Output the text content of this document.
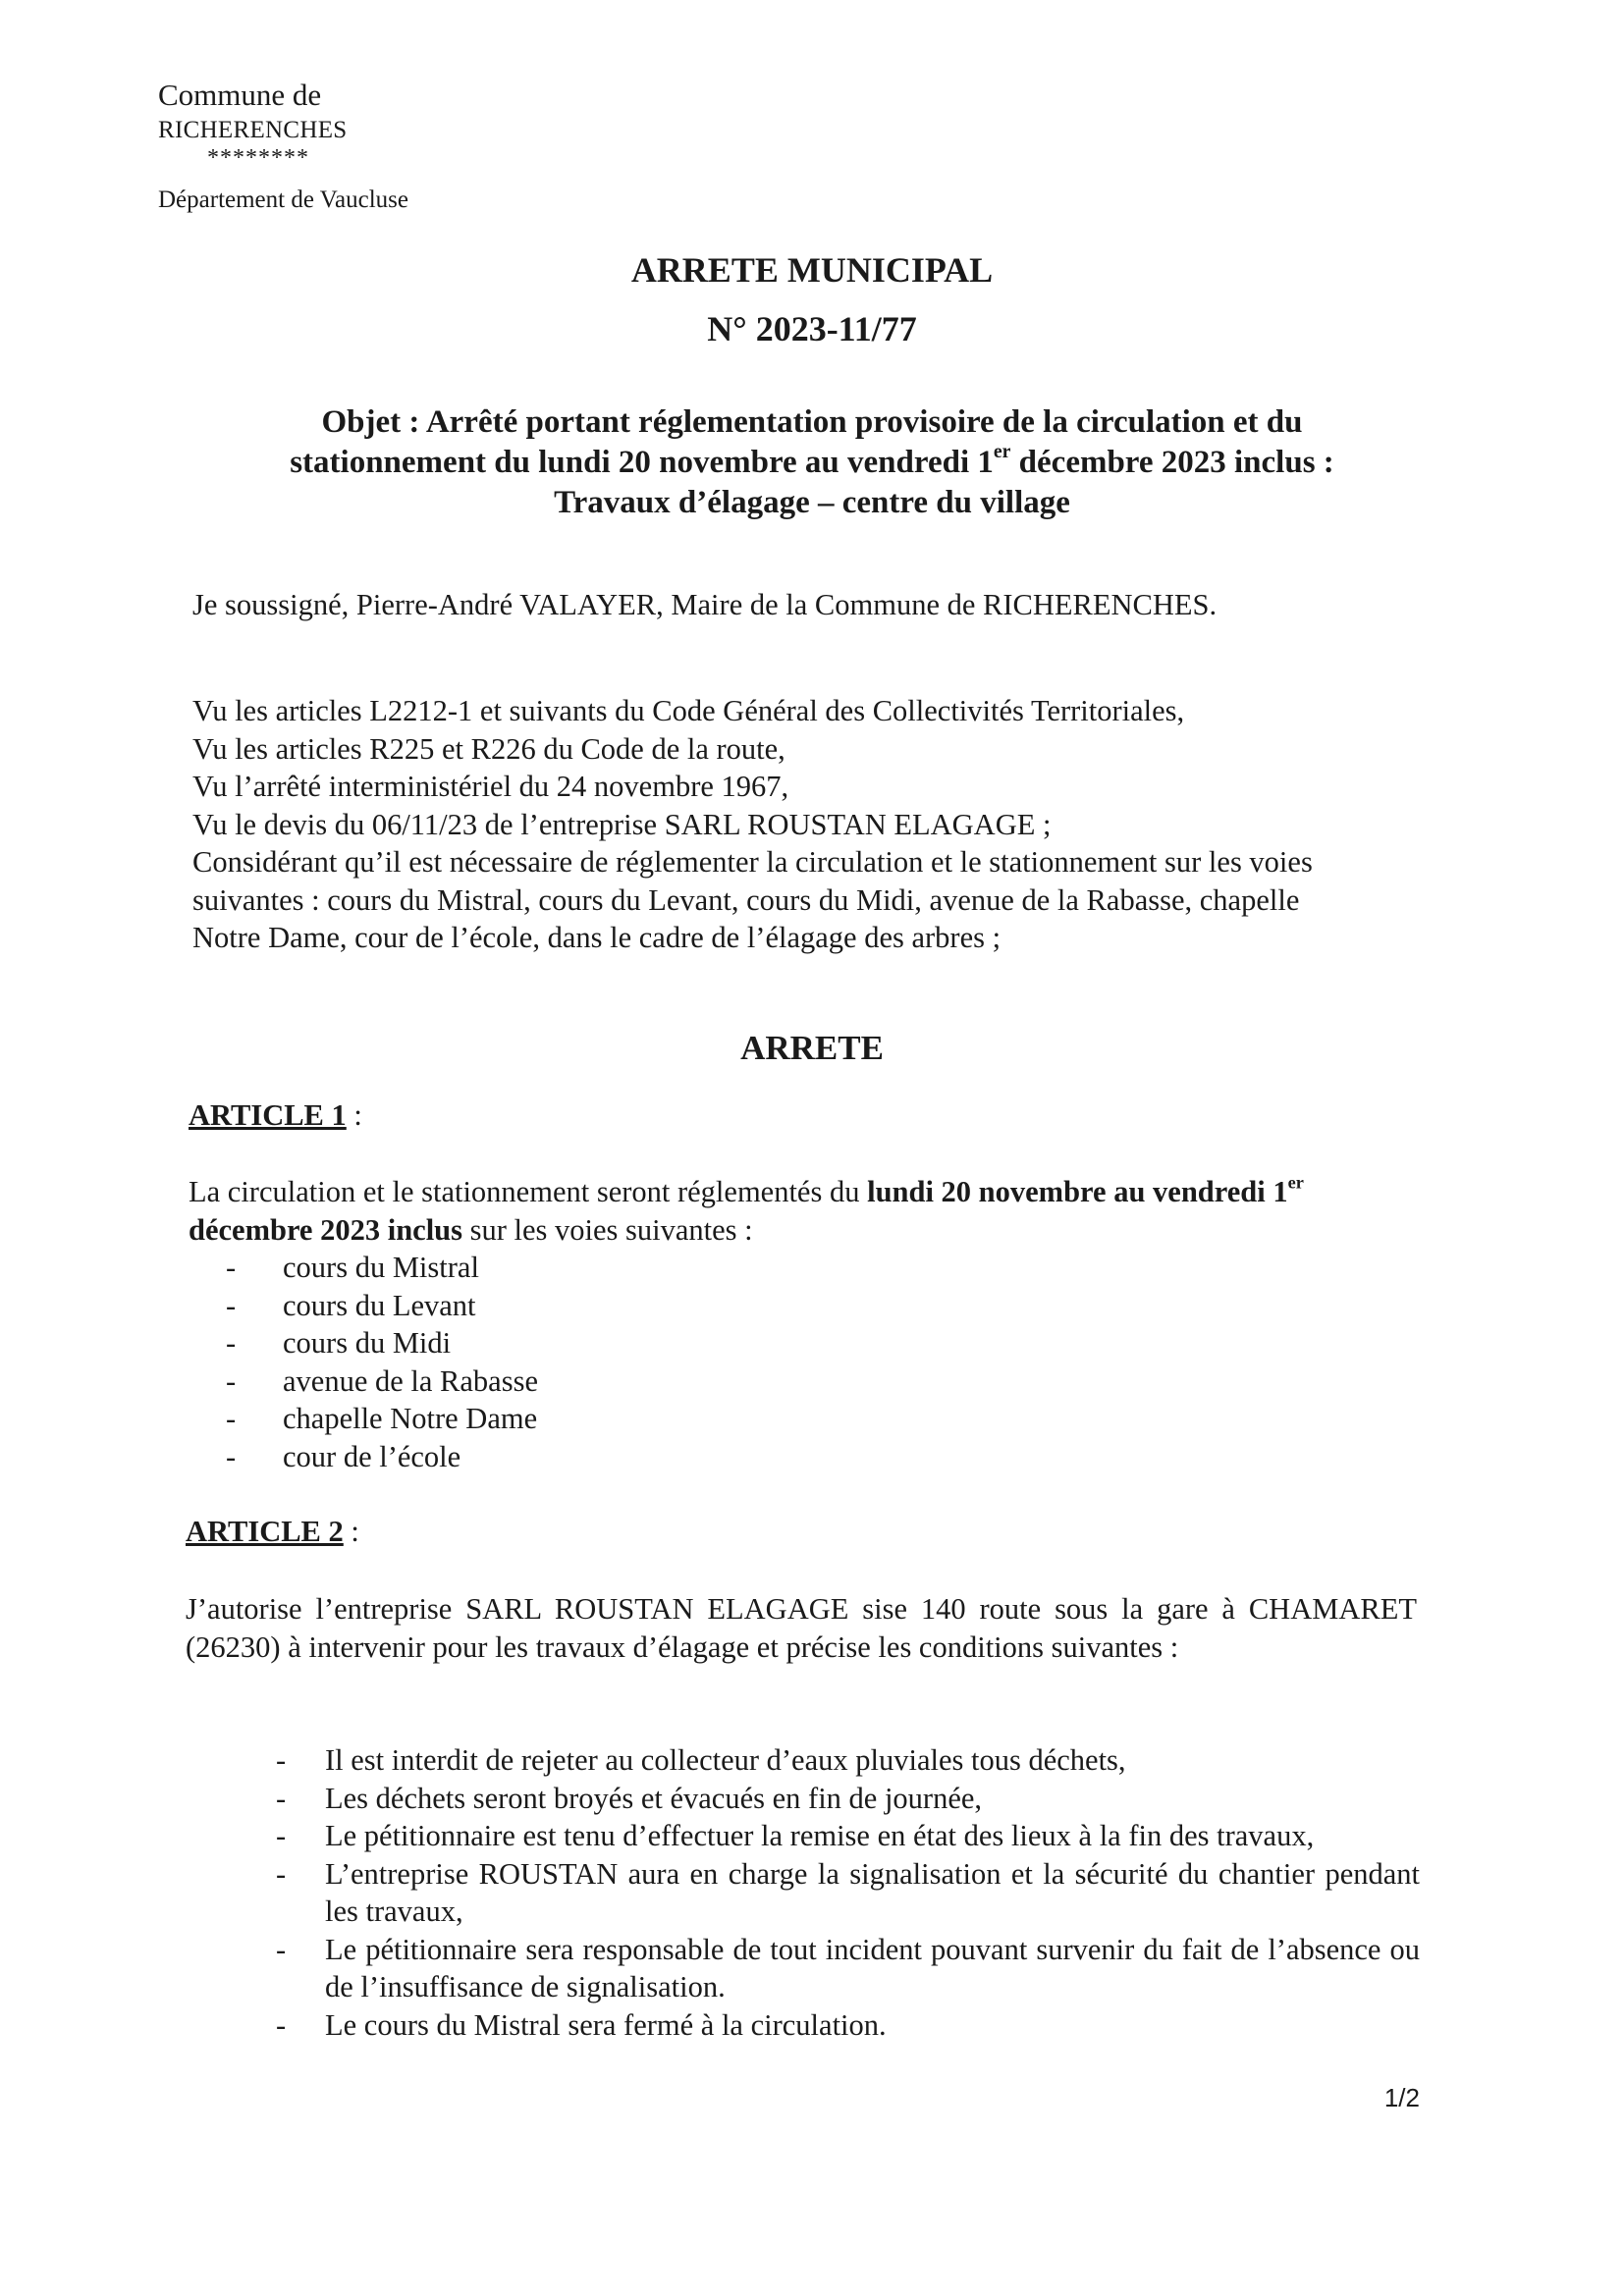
Commune de
RICHERENCHES
********
Département de Vaucluse
ARRETE MUNICIPAL
N° 2023-11/77
Objet : Arrêté portant réglementation provisoire de la circulation et du
stationnement du lundi 20 novembre au vendredi 1er décembre 2023 inclus :
Travaux d’élagage – centre du village
Je soussigné, Pierre-André VALAYER, Maire de la Commune de RICHERENCHES.
Vu les articles L2212-1 et suivants du Code Général des Collectivités Territoriales,
Vu les articles R225 et R226 du Code de la route,
Vu l’arrêté interministériel du 24 novembre 1967,
Vu le devis du 06/11/23 de l’entreprise SARL ROUSTAN ELAGAGE ;
Considérant qu’il est nécessaire de réglementer la circulation et le stationnement sur les voies
suivantes : cours du Mistral, cours du Levant, cours du Midi, avenue de la Rabasse, chapelle
Notre Dame, cour de l’école, dans le cadre de l’élagage des arbres ;
ARRETE
ARTICLE 1 :
La circulation et le stationnement seront réglementés du lundi 20 novembre au vendredi 1er
décembre 2023 inclus sur les voies suivantes :
- cours du Mistral
- cours du Levant
- cours du Midi
- avenue de la Rabasse
- chapelle Notre Dame
- cour de l’école
ARTICLE 2 :
J’autorise l’entreprise SARL ROUSTAN ELAGAGE sise 140 route sous la gare à CHAMARET (26230) à intervenir pour les travaux d’élagage et précise les conditions suivantes :
- Il est interdit de rejeter au collecteur d’eaux pluviales tous déchets,
- Les déchets seront broyés et évacués en fin de journée,
- Le pétitionnaire est tenu d’effectuer la remise en état des lieux à la fin des travaux,
- L’entreprise ROUSTAN aura en charge la signalisation et la sécurité du chantier pendant les travaux,
- Le pétitionnaire sera responsable de tout incident pouvant survenir du fait de l’absence ou de l’insuffisance de signalisation.
- Le cours du Mistral sera fermé à la circulation.
1/2
